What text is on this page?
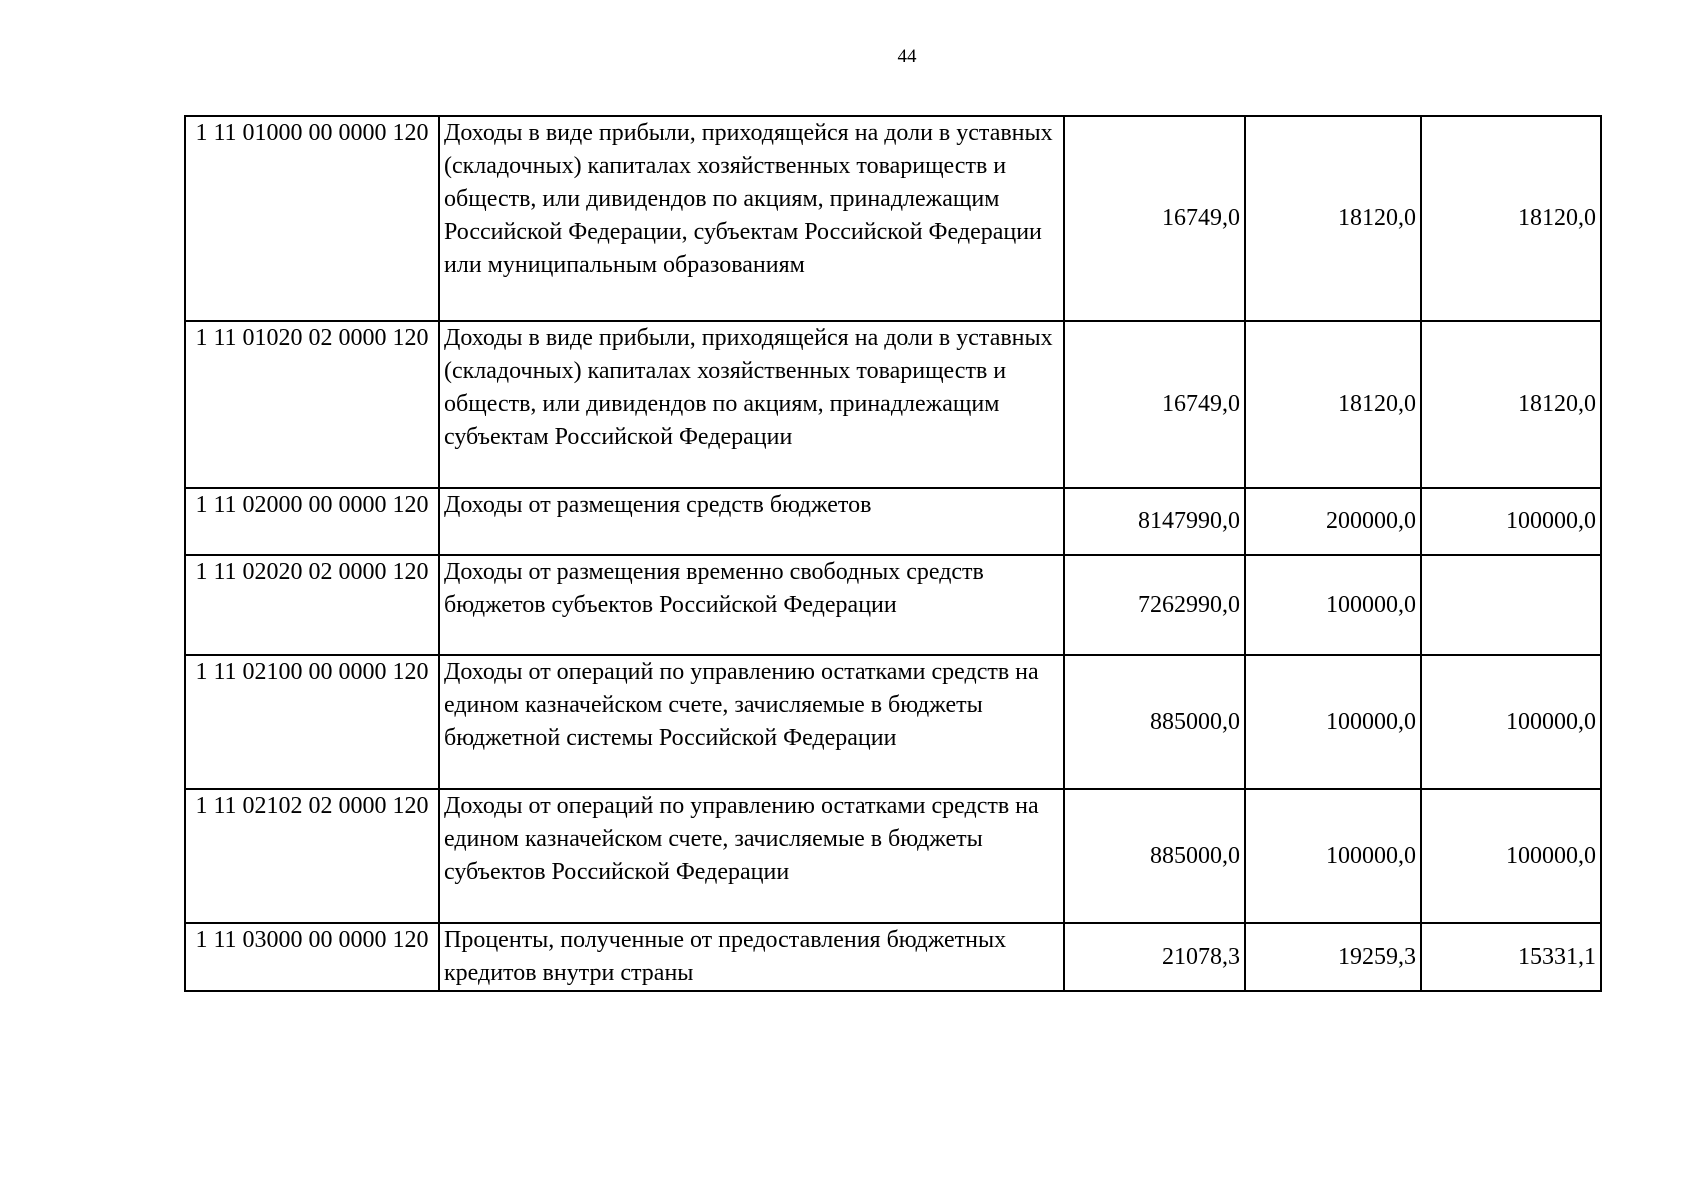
44
1 11 01000 00 0000 120	Доходы в виде прибыли, приходящейся на доли в уставных (складочных) капиталах хозяйственных товариществ и обществ, или дивидендов по акциям, принадлежащим Российской Федерации, субъектам Российской Федерации или муниципальным образованиям	16749,0	18120,0	18120,0
1 11 01020 02 0000 120	Доходы в виде прибыли, приходящейся на доли в уставных (складочных) капиталах хозяйственных товариществ и обществ, или дивидендов по акциям, принадлежащим субъектам Российской Федерации	16749,0	18120,0	18120,0
1 11 02000 00 0000 120	Доходы от размещения средств бюджетов	8147990,0	200000,0	100000,0
1 11 02020 02 0000 120	Доходы от размещения временно свободных средств бюджетов субъектов Российской Федерации	7262990,0	100000,0	
1 11 02100 00 0000 120	Доходы от операций по управлению остатками средств на едином казначейском счете, зачисляемые в бюджеты бюджетной системы Российской Федерации	885000,0	100000,0	100000,0
1 11 02102 02 0000 120	Доходы от операций по управлению остатками средств на едином казначейском счете, зачисляемые в бюджеты субъектов Российской Федерации	885000,0	100000,0	100000,0
1 11 03000 00 0000 120	Проценты, полученные от предоставления бюджетных кредитов внутри страны	21078,3	19259,3	15331,1
